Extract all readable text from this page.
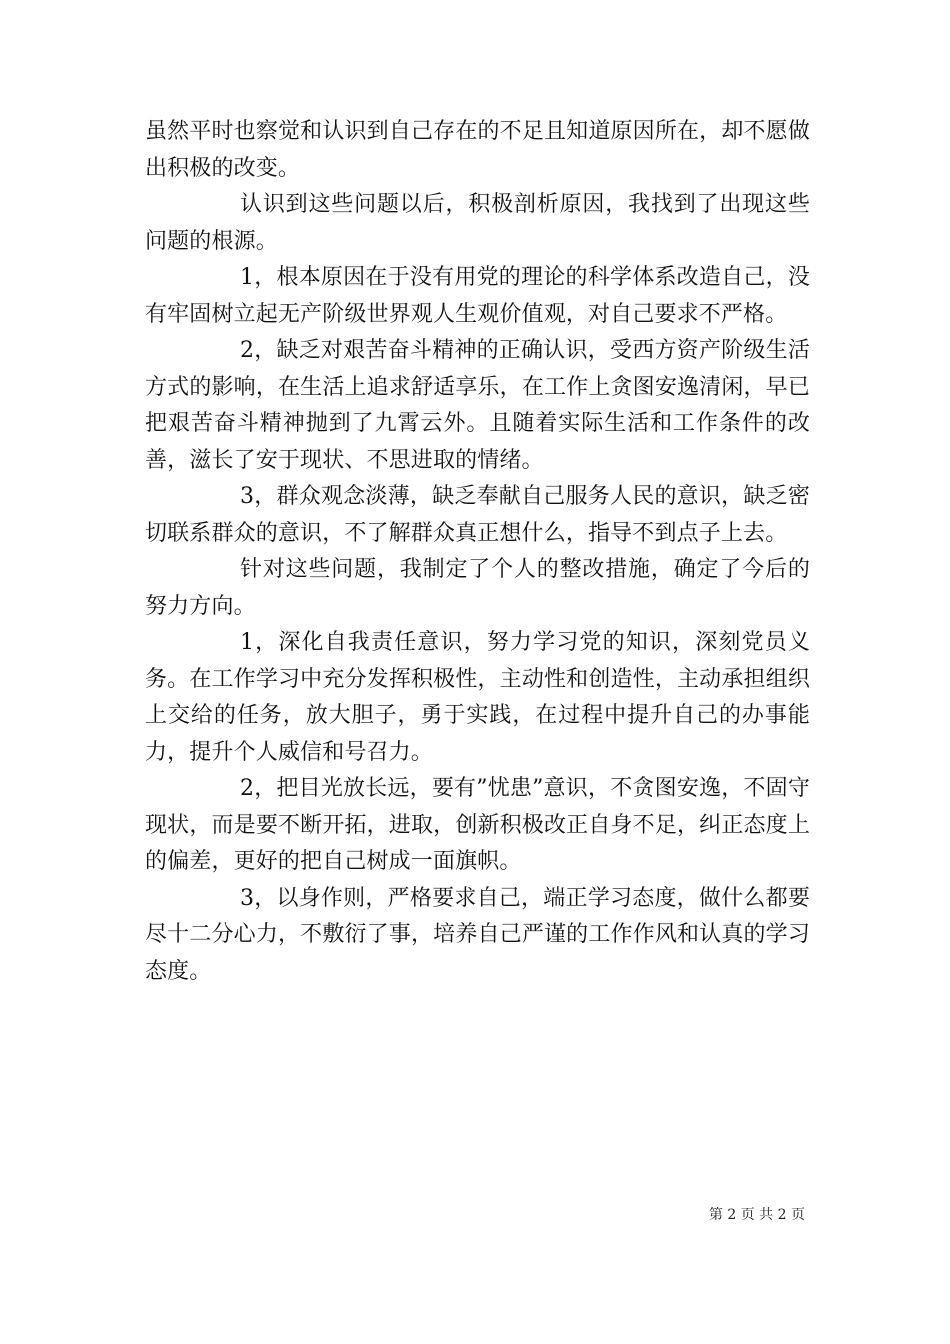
虽然平时也察觉和认识到自己存在的不足且知道原因所在，却不愿做出积极的改变。

认识到这些问题以后，积极剖析原因，我找到了出现这些问题的根源。

1，根本原因在于没有用党的理论的科学体系改造自己，没有牢固树立起无产阶级世界观人生观价值观，对自己要求不严格。

2，缺乏对艰苦奋斗精神的正确认识，受西方资产阶级生活方式的影响，在生活上追求舒适享乐，在工作上贪图安逸清闲，早已把艰苦奋斗精神抛到了九霄云外。且随着实际生活和工作条件的改善，滋长了安于现状、不思进取的情绪。

3，群众观念淡薄，缺乏奉献自己服务人民的意识，缺乏密切联系群众的意识，不了解群众真正想什么，指导不到点子上去。

针对这些问题，我制定了个人的整改措施，确定了今后的努力方向。

1，深化自我责任意识，努力学习党的知识，深刻党员义务。在工作学习中充分发挥积极性，主动性和创造性，主动承担组织上交给的任务，放大胆子，勇于实践，在过程中提升自己的办事能力，提升个人威信和号召力。

2，把目光放长远，要有”忧患”意识，不贪图安逸，不固守现状，而是要不断开拓，进取，创新积极改正自身不足，纠正态度上的偏差，更好的把自己树成一面旗帜。

3，以身作则，严格要求自己，端正学习态度，做什么都要尽十二分心力，不敷衍了事，培养自己严谨的工作作风和认真的学习态度。

第 2 页 共 2 页
